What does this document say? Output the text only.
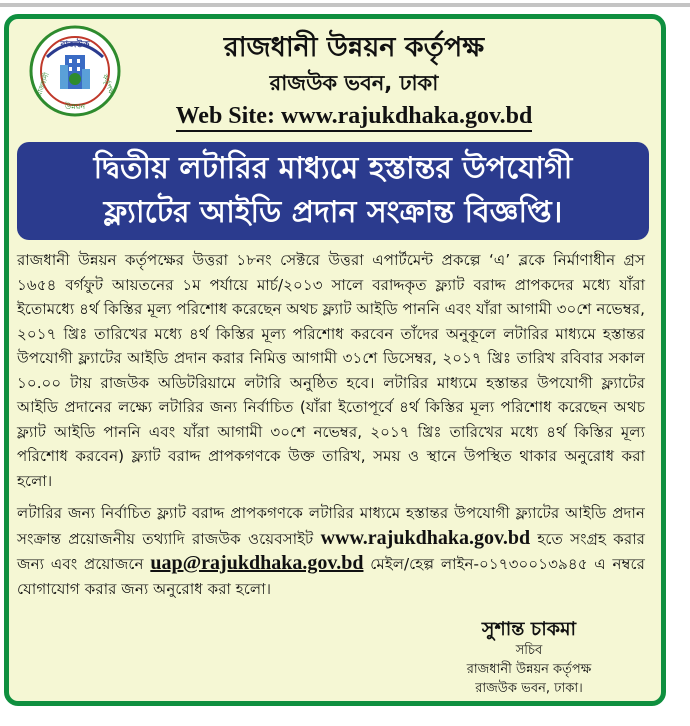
রাজউক
রাজধানী	কর্তৃপক্ষ
উন্নয়ন
রাজধানী উন্নয়ন কর্তৃপক্ষ
রাজউক ভবন, ঢাকা
Web Site: www.rajukdhaka.gov.bd
দ্বিতীয় লটারির মাধ্যমে হস্তান্তর উপযোগী
ফ্ল্যাটের আইডি প্রদান সংক্রান্ত বিজ্ঞপ্তি।

রাজধানী উন্নয়ন কর্তৃপক্ষের উত্তরা ১৮নং সেক্টরে উত্তরা এপার্টমেন্ট প্রকল্পে ‘এ’ ব্লকে নির্মাণাধীন গ্রস ১৬৫৪ বর্গফুট আয়তনের ১ম পর্যায়ে মার্চ/২০১৩ সালে বরাদ্দকৃত ফ্ল্যাট বরাদ্দ প্রাপকদের মধ্যে যাঁরা ইতোমধ্যে ৪র্থ কিস্তির মূল্য পরিশোধ করেছেন অথচ ফ্ল্যাট আইডি পাননি এবং যাঁরা আগামী ৩০শে নভেম্বর, ২০১৭ খ্রিঃ তারিখের মধ্যে ৪র্থ কিস্তির মূল্য পরিশোধ করবেন তাঁদের অনুকূলে লটারির মাধ্যমে হস্তান্তর উপযোগী ফ্ল্যাটের আইডি প্রদান করার নিমিত্ত আগামী ৩১শে ডিসেম্বর, ২০১৭ খ্রিঃ তারিখ রবিবার সকাল ১০.০০ টায় রাজউক অডিটরিয়ামে লটারি অনুষ্ঠিত হবে। লটারির মাধ্যমে হস্তান্তর উপযোগী ফ্ল্যাটের আইডি প্রদানের লক্ষ্যে লটারির জন্য নির্বাচিত (যাঁরা ইতোপূর্বে ৪র্থ কিস্তির মূল্য পরিশোধ করেছেন অথচ ফ্ল্যাট আইডি পাননি এবং যাঁরা আগামী ৩০শে নভেম্বর, ২০১৭ খ্রিঃ তারিখের মধ্যে ৪র্থ কিস্তির মূল্য পরিশোধ করবেন) ফ্ল্যাট বরাদ্দ প্রাপকগণকে উক্ত তারিখ, সময় ও স্থানে উপস্থিত থাকার অনুরোধ করা হলো।

লটারির জন্য নির্বাচিত ফ্ল্যাট বরাদ্দ প্রাপকগণকে লটারির মাধ্যমে হস্তান্তর উপযোগী ফ্ল্যাটের আইডি প্রদান সংক্রান্ত প্রয়োজনীয় তথ্যাদি রাজউক ওয়েবসাইট www.rajukdhaka.gov.bd হতে সংগ্রহ করার জন্য এবং প্রয়োজনে uap@rajukdhaka.gov.bd মেইল/হেল্প লাইন-০১৭৩০০১৩৯৪৫ এ নম্বরে যোগাযোগ করার জন্য অনুরোধ করা হলো।

সুশান্ত চাকমা
সচিব
রাজধানী উন্নয়ন কর্তৃপক্ষ
রাজউক ভবন, ঢাকা।
